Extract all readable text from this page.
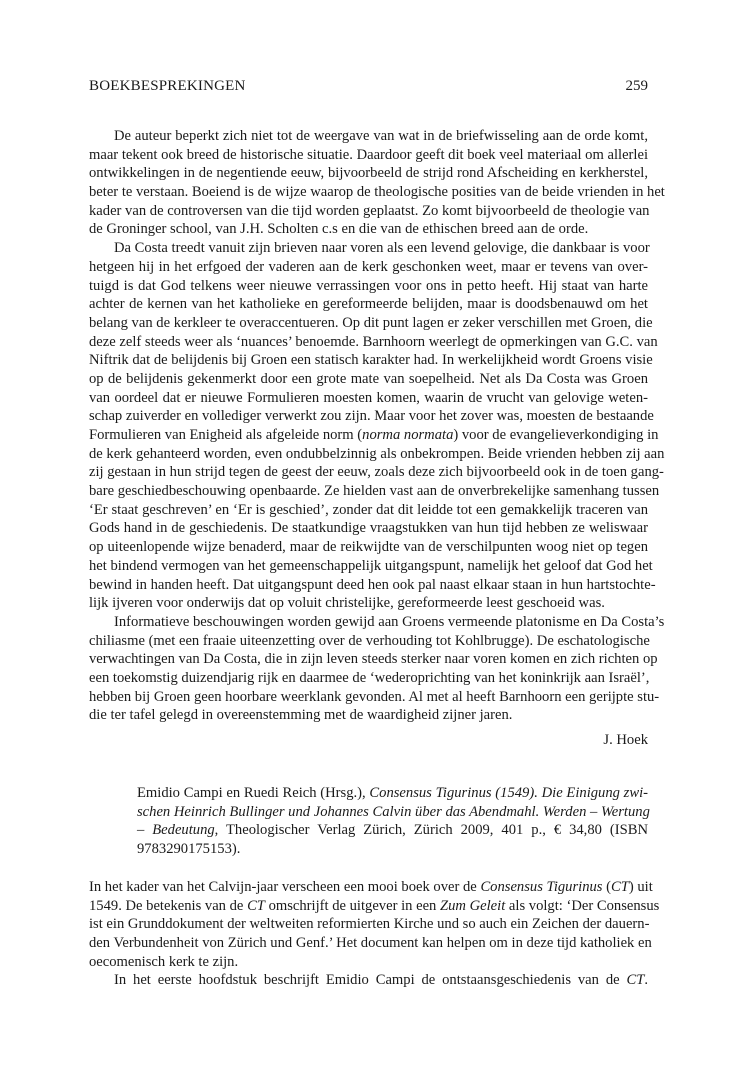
BOEKBESPREKINGEN	259
De auteur beperkt zich niet tot de weergave van wat in de briefwisseling aan de orde komt,
maar tekent ook breed de historische situatie. Daardoor geeft dit boek veel materiaal om allerlei
ontwikkelingen in de negentiende eeuw, bijvoorbeeld de strijd rond Afscheiding en kerkherstel,
beter te verstaan. Boeiend is de wijze waarop de theologische posities van de beide vrienden in het
kader van de controversen van die tijd worden geplaatst. Zo komt bijvoorbeeld de theologie van
de Groninger school, van J.H. Scholten c.s en die van de ethischen breed aan de orde.
Da Costa treedt vanuit zijn brieven naar voren als een levend gelovige, die dankbaar is voor
hetgeen hij in het erfgoed der vaderen aan de kerk geschonken weet, maar er tevens van over-
tuigd is dat God telkens weer nieuwe verrassingen voor ons in petto heeft. Hij staat van harte
achter de kernen van het katholieke en gereformeerde belijden, maar is doodsbenauwd om het
belang van de kerkleer te overaccentueren. Op dit punt lagen er zeker verschillen met Groen, die
deze zelf steeds weer als ‘nuances’ benoemde. Barnhoorn weerlegt de opmerkingen van G.C. van
Niftrik dat de belijdenis bij Groen een statisch karakter had. In werkelijkheid wordt Groens visie
op de belijdenis gekenmerkt door een grote mate van soepelheid. Net als Da Costa was Groen
van oordeel dat er nieuwe Formulieren moesten komen, waarin de vrucht van gelovige weten-
schap zuiverder en vollediger verwerkt zou zijn. Maar voor het zover was, moesten de bestaande
Formulieren van Enigheid als afgeleide norm (norma normata) voor de evangelieverkondiging in
de kerk gehanteerd worden, even ondubbelzinnig als onbekrompen. Beide vrienden hebben zij aan
zij gestaan in hun strijd tegen de geest der eeuw, zoals deze zich bijvoorbeeld ook in de toen gang-
bare geschiedbeschouwing openbaarde. Ze hielden vast aan de onverbrekelijke samenhang tussen
‘Er staat geschreven’ en ‘Er is geschied’, zonder dat dit leidde tot een gemakkelijk traceren van
Gods hand in de geschiedenis. De staatkundige vraagstukken van hun tijd hebben ze weliswaar
op uiteenlopende wijze benaderd, maar de reikwijdte van de verschilpunten woog niet op tegen
het bindend vermogen van het gemeenschappelijk uitgangspunt, namelijk het geloof dat God het
bewind in handen heeft. Dat uitgangspunt deed hen ook pal naast elkaar staan in hun hartstochte-
lijk ijveren voor onderwijs dat op voluit christelijke, gereformeerde leest geschoeid was.
Informatieve beschouwingen worden gewijd aan Groens vermeende platonisme en Da Costa’s
chiliasme (met een fraaie uiteenzetting over de verhouding tot Kohlbrugge). De eschatologische
verwachtingen van Da Costa, die in zijn leven steeds sterker naar voren komen en zich richten op
een toekomstig duizendjarig rijk en daarmee de ‘wederoprichting van het koninkrijk aan Israël’,
hebben bij Groen geen hoorbare weerklank gevonden. Al met al heeft Barnhoorn een gerijpte stu-
die ter tafel gelegd in overeenstemming met de waardigheid zijner jaren.
J. Hoek
Emidio Campi en Ruedi Reich (Hrsg.), Consensus Tigurinus (1549). Die Einigung zwi-
schen Heinrich Bullinger und Johannes Calvin über das Abendmahl. Werden – Wertung
– Bedeutung, Theologischer Verlag Zürich, Zürich 2009, 401 p., € 34,80 (ISBN
9783290175153).
In het kader van het Calvijn-jaar verscheen een mooi boek over de Consensus Tigurinus (CT) uit
1549. De betekenis van de CT omschrijft de uitgever in een Zum Geleit als volgt: ‘Der Consensus
ist ein Grunddokument der weltweiten reformierten Kirche und so auch ein Zeichen der dauern-
den Verbundenheit von Zürich und Genf.’ Het document kan helpen om in deze tijd katholiek en
oecomenisch kerk te zijn.
In het eerste hoofdstuk beschrijft Emidio Campi de ontstaansgeschiedenis van de CT.
